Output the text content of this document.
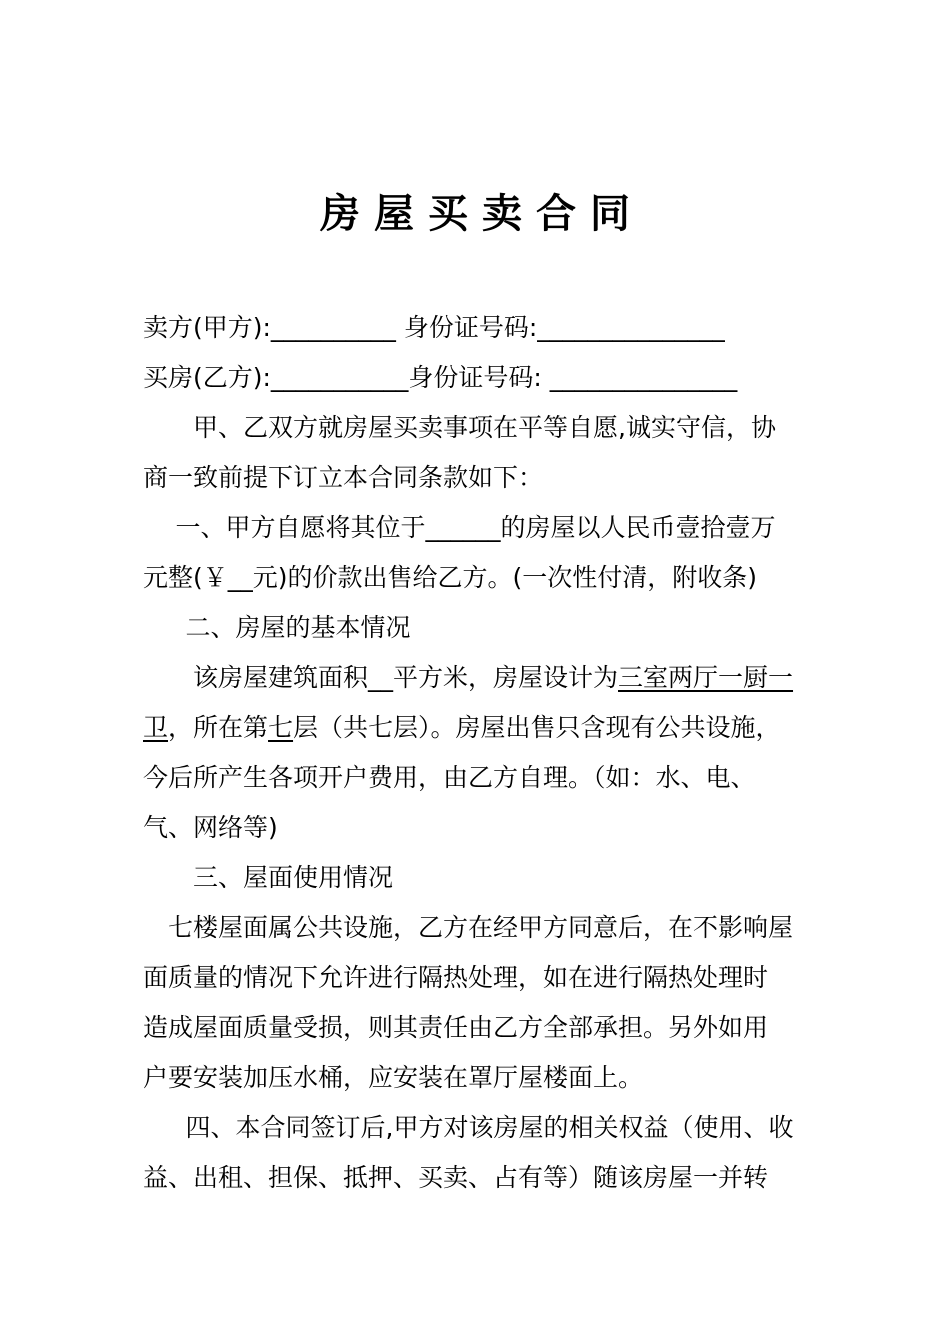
房屋买卖合同
卖方(甲方):__________ 身份证号码:_______________
买房(乙方):___________身份证号码: _______________
甲、乙双方就房屋买卖事项在平等自愿,诚实守信，协
商一致前提下订立本合同条款如下：
一、甲方自愿将其位于______的房屋以人民币壹拾壹万
元整(￥__元)的价款出售给乙方。(一次性付清，附收条)
二、房屋的基本情况
该房屋建筑面积__平方米，房屋设计为三室两厅一厨一
卫，所在第七层（共七层）。房屋出售只含现有公共设施，
今后所产生各项开户费用，由乙方自理。（如：水、电、
气、网络等)
三、屋面使用情况
七楼屋面属公共设施，乙方在经甲方同意后，在不影响屋
面质量的情况下允许进行隔热处理，如在进行隔热处理时
造成屋面质量受损，则其责任由乙方全部承担。另外如用
户要安装加压水桶，应安装在罩厅屋楼面上。
四、本合同签订后,甲方对该房屋的相关权益（使用、收
益、出租、担保、抵押、买卖、占有等）随该房屋一并转
